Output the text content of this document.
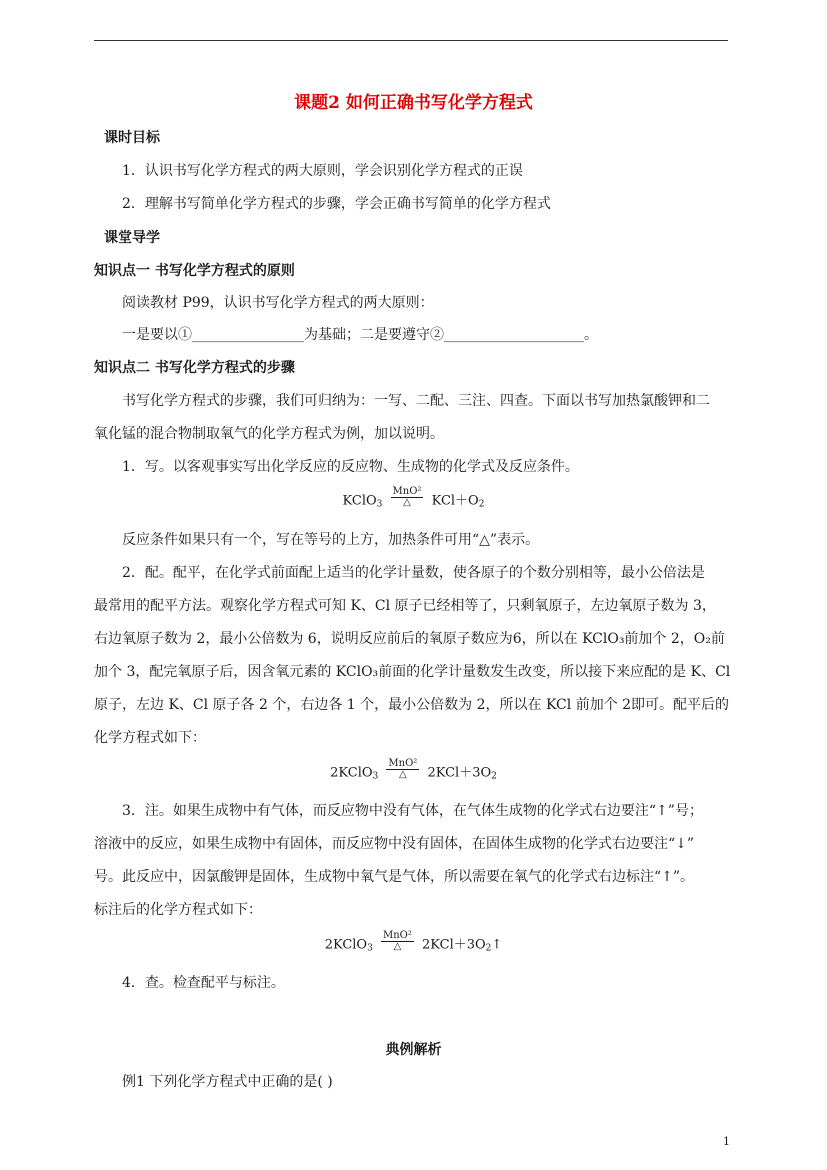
课题2 如何正确书写化学方程式
课时目标
1．认识书写化学方程式的两大原则，学会识别化学方程式的正误
2．理解书写简单化学方程式的步骤，学会正确书写简单的化学方程式
课堂导学
知识点一 书写化学方程式的原则
阅读教材 P99，认识书写化学方程式的两大原则：
一是要以①________________为基础；二是要遵守②____________________。
知识点二 书写化学方程式的步骤
书写化学方程式的步骤，我们可归纳为：一写、二配、三注、四查。下面以书写加热氯酸钾和二
氧化锰的混合物制取氧气的化学方程式为例，加以说明。
1．写。以客观事实写出化学反应的反应物、生成物的化学式及反应条件。
KClO$_3$
MnO²
△	$KCl+O_2$
反应条件如果只有一个，写在等号的上方，加热条件可用“△”表示。
2．配。配平，在化学式前面配上适当的化学计量数，使各原子的个数分别相等，最小公倍法是
最常用的配平方法。观察化学方程式可知 K、Cl 原子已经相等了，只剩氧原子，左边氧原子数为 3，
右边氧原子数为 2，最小公倍数为 6，说明反应前后的氧原子数应为6，所以在 KClO₃前加个 2，O₂前
加个 3，配完氧原子后，因含氧元素的 KClO₃前面的化学计量数发生改变，所以接下来应配的是 K、Cl
原子，左边 K、Cl 原子各 2 个，右边各 1 个，最小公倍数为 2，所以在 KCl 前加个 2即可。配平后的
化学方程式如下：
2KClO$_3$
MnO²
△	$2KCl+3O_2$
3．注。如果生成物中有气体，而反应物中没有气体，在气体生成物的化学式右边要注“↑”号；
溶液中的反应，如果生成物中有固体，而反应物中没有固体，在固体生成物的化学式右边要注“↓”
号。此反应中，因氯酸钾是固体，生成物中氧气是气体，所以需要在氧气的化学式右边标注“↑”。
标注后的化学方程式如下：
2KClO$_3$
MnO²
△	$2KCl+3O_2↑$
4．查。检查配平与标注。
典例解析
例1 下列化学方程式中正确的是( )
1
